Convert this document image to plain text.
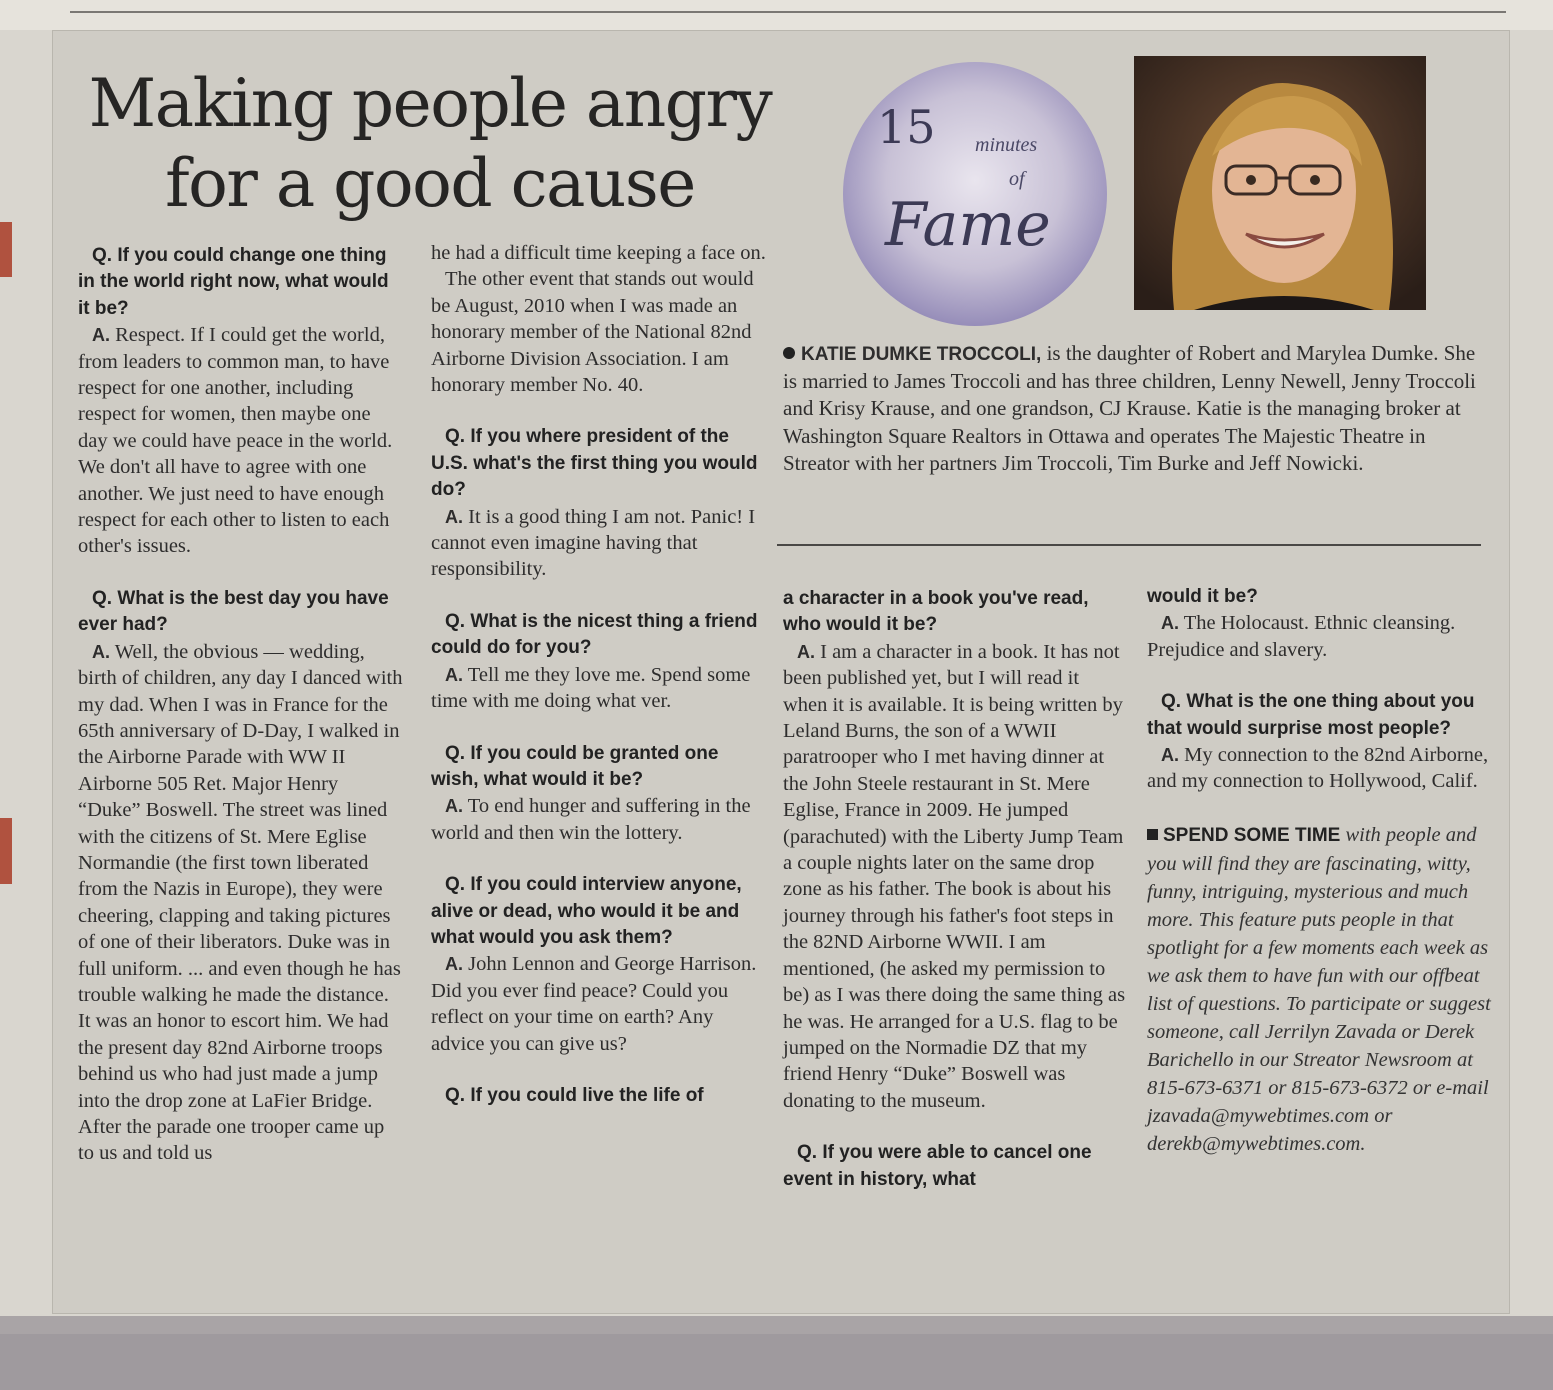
Making people angry
for a good cause
15 minutes
of
Fame

KATIE DUMKE TROCCOLI, is the daughter of Robert and Marylea Dumke. She is married to James Troccoli and has three children, Lenny Newell, Jenny Troccoli and Krisy Krause, and one grandson, CJ Krause. Katie is the managing broker at Washington Square Realtors in Ottawa and operates The Majestic Theatre in Streator with her partners Jim Troccoli, Tim Burke and Jeff Nowicki.

Q. If you could change one thing in the world right now, what would it be?

A. Respect. If I could get the world, from leaders to common man, to have respect for one another, including respect for women, then maybe one day we could have peace in the world. We don't all have to agree with one another. We just need to have enough respect for each other to listen to each other's issues.

Q. What is the best day you have ever had?

A. Well, the obvious — wedding, birth of children, any day I danced with my dad. When I was in France for the 65th anniversary of D-Day, I walked in the Airborne Parade with WW II Airborne 505 Ret. Major Henry “Duke” Boswell. The street was lined with the citizens of St. Mere Eglise Normandie (the first town liberated from the Nazis in Europe), they were cheering, clapping and taking pictures of one of their liberators. Duke was in full uniform. ... and even though he has trouble walking he made the distance. It was an honor to escort him. We had the present day 82nd Airborne troops behind us who had just made a jump into the drop zone at LaFier Bridge. After the parade one trooper came up to us and told us

he had a difficult time keeping a face on.

The other event that stands out would be August, 2010 when I was made an honorary member of the National 82nd Airborne Division Association. I am honorary member No. 40.

Q. If you where president of the U.S. what's the first thing you would do?

A. It is a good thing I am not. Panic! I cannot even imagine having that responsibility.

Q. What is the nicest thing a friend could do for you?

A. Tell me they love me. Spend some time with me doing what ver.

Q. If you could be granted one wish, what would it be?

A. To end hunger and suffering in the world and then win the lottery.

Q. If you could interview anyone, alive or dead, who would it be and what would you ask them?

A. John Lennon and George Harrison. Did you ever find peace? Could you reflect on your time on earth? Any advice you can give us?

Q. If you could live the life of

a character in a book you've read, who would it be?

A. I am a character in a book. It has not been published yet, but I will read it when it is available. It is being written by Leland Burns, the son of a WWII paratrooper who I met having dinner at the John Steele restaurant in St. Mere Eglise, France in 2009. He jumped (parachuted) with the Liberty Jump Team a couple nights later on the same drop zone as his father. The book is about his journey through his father's foot steps in the 82ND Airborne WWII. I am mentioned, (he asked my permission to be) as I was there doing the same thing as he was. He arranged for a U.S. flag to be jumped on the Normadie DZ that my friend Henry “Duke” Boswell was donating to the museum.

Q. If you were able to cancel one event in history, what

would it be?

A. The Holocaust. Ethnic cleansing. Prejudice and slavery.

Q. What is the one thing about you that would surprise most people?

A. My connection to the 82nd Airborne, and my connection to Hollywood, Calif.

SPEND SOME TIME with people and you will find they are fascinating, witty, funny, intriguing, mysterious and much more. This feature puts people in that spotlight for a few moments each week as we ask them to have fun with our offbeat list of questions. To participate or suggest someone, call Jerrilyn Zavada or Derek Barichello in our Streator Newsroom at 815-673-6371 or 815-673-6372 or e-mail jzavada@mywebtimes.com or derekb@mywebtimes.com.
